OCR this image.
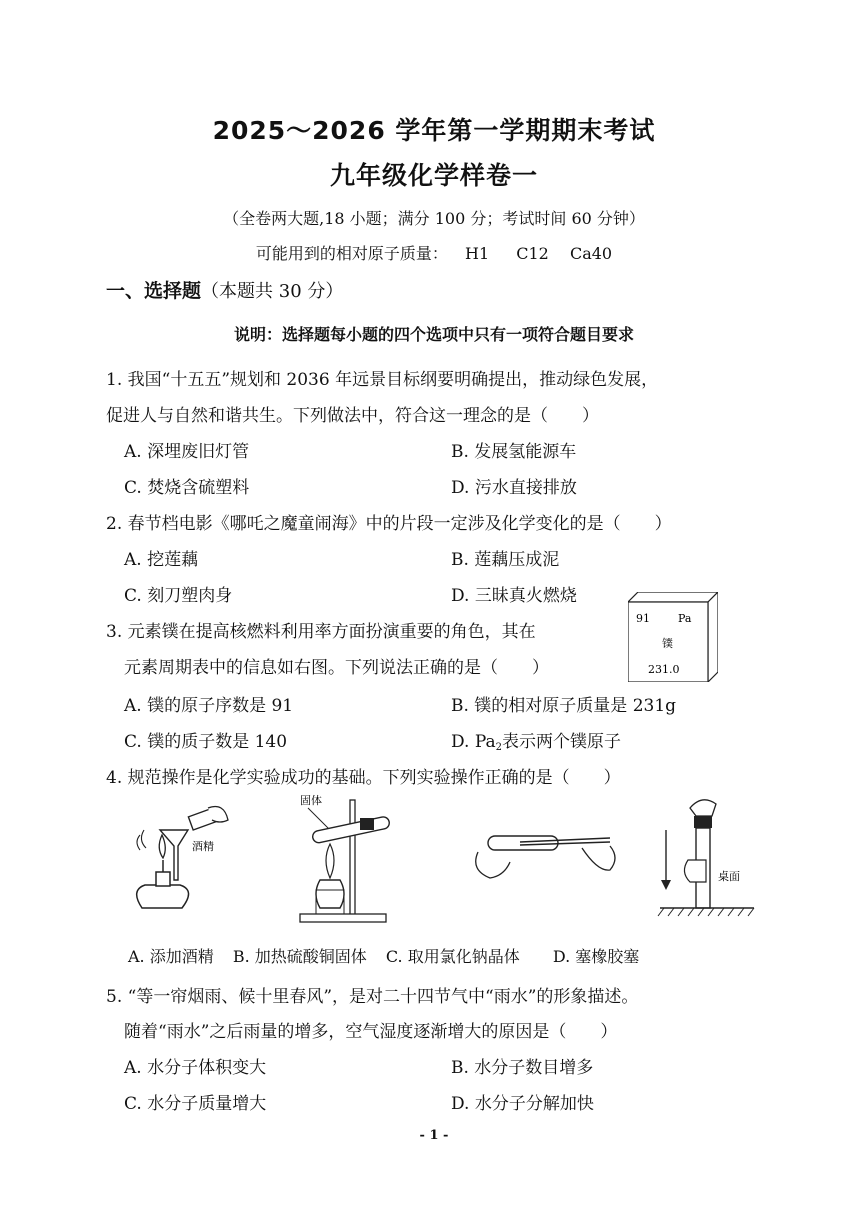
2025～2026 学年第一学期期末考试
九年级化学样卷一
（全卷两大题,18 小题；满分 100 分；考试时间 60 分钟）
可能用到的相对原子质量： H1 C12 Ca40
一、选择题（本题共 30 分）
说明：选择题每小题的四个选项中只有一项符合题目要求
1. 我国“十五五”规划和 2036 年远景目标纲要明确提出，推动绿色发展，
促进人与自然和谐共生。下列做法中，符合这一理念的是（　　）
A. 深埋废旧灯管	B. 发展氢能源车
C. 焚烧含硫塑料	D. 污水直接排放
2. 春节档电影《哪吒之魔童闹海》中的片段一定涉及化学变化的是（　　）
A. 挖莲藕	B. 莲藕压成泥
C. 刻刀塑肉身	D. 三昧真火燃烧
3. 元素镤在提高核燃料利用率方面扮演重要的角色，其在
元素周期表中的信息如右图。下列说法正确的是（　　）
A. 镤的原子序数是 91	B. 镤的相对原子质量是 231g
C. 镤的质子数是 140	D. $Pa_2$表示两个镤原子
91	Pa
镤
231.0
4. 规范操作是化学实验成功的基础。下列实验操作正确的是（　　）
酒精
固体
桌面
A. 添加酒精 B. 加热硫酸铜固体 C. 取用氯化钠晶体 D. 塞橡胶塞
5. “等一帘烟雨、候十里春风”，是对二十四节气中“雨水”的形象描述。
随着“雨水”之后雨量的增多，空气湿度逐渐增大的原因是（　　）
A. 水分子体积变大	B. 水分子数目增多
C. 水分子质量增大	D. 水分子分解加快
- 1 -
